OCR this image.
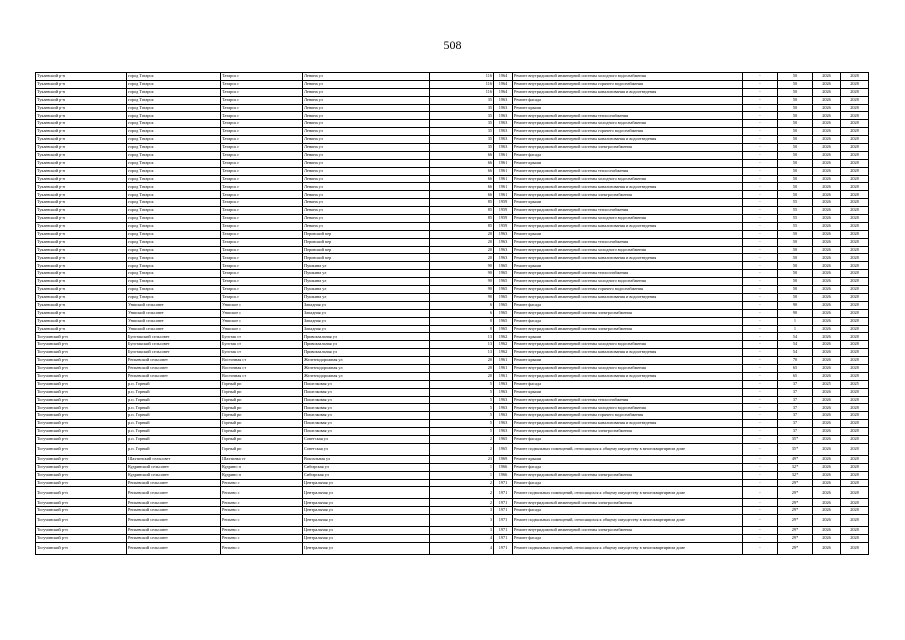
508
Тукаевский р-н	город Татарск	Татарск г	Ленина ул	116	1964	Ремонт внутридомовой инженерной системы холодного водоснабжения	-	50	2026	2028
Тукаевский р-н	город Татарск	Татарск г	Ленина ул	116	1964	Ремонт внутридомовой инженерной системы горячего водоснабжения	-	50	2026	2028
Тукаевский р-н	город Татарск	Татарск г	Ленина ул	116	1964	Ремонт внутридомовой инженерной системы канализования и водоотведения	-	50	2026	2028
Тукаевский р-н	город Татарск	Татарск г	Ленина ул	35	1963	Ремонт фасада	-	50	2026	2028
Тукаевский р-н	город Татарск	Татарск г	Ленина ул	35	1963	Ремонт крыши	-	50	2026	2028
Тукаевский р-н	город Татарск	Татарск г	Ленина ул	35	1963	Ремонт внутридомовой инженерной системы теплоснабжения	-	50	2026	2028
Тукаевский р-н	город Татарск	Татарск г	Ленина ул	35	1963	Ремонт внутридомовой инженерной системы холодного водоснабжения	-	50	2026	2028
Тукаевский р-н	город Татарск	Татарск г	Ленина ул	35	1963	Ремонт внутридомовой инженерной системы горячего водоснабжения	-	50	2026	2028
Тукаевский р-н	город Татарск	Татарск г	Ленина ул	35	1963	Ремонт внутридомовой инженерной системы канализования и водоотведения	-	50	2026	2028
Тукаевский р-н	город Татарск	Татарск г	Ленина ул	35	1963	Ремонт внутридомовой инженерной системы электроснабжения	-	50	2026	2028
Тукаевский р-н	город Татарск	Татарск г	Ленина ул	66	1961	Ремонт фасада	-	50	2026	2028
Тукаевский р-н	город Татарск	Татарск г	Ленина ул	66	1961	Ремонт крыши	-	50	2026	2028
Тукаевский р-н	город Татарск	Татарск г	Ленина ул	66	1961	Ремонт внутридомовой инженерной системы теплоснабжения	-	50	2026	2028
Тукаевский р-н	город Татарск	Татарск г	Ленина ул	66	1961	Ремонт внутридомовой инженерной системы холодного водоснабжения	-	50	2026	2028
Тукаевский р-н	город Татарск	Татарск г	Ленина ул	66	1961	Ремонт внутридомовой инженерной системы канализования и водоотведения	-	50	2026	2028
Тукаевский р-н	город Татарск	Татарск г	Ленина ул	66	1961	Ремонт внутридомовой инженерной системы электроснабжения	-	50	2026	2028
Тукаевский р-н	город Татарск	Татарск г	Ленина ул	85	1959	Ремонт крыши	-	55	2026	2028
Тукаевский р-н	город Татарск	Татарск г	Ленина ул	85	1959	Ремонт внутридомовой инженерной системы теплоснабжения	-	55	2026	2028
Тукаевский р-н	город Татарск	Татарск г	Ленина ул	85	1959	Ремонт внутридомовой инженерной системы холодного водоснабжения	-	55	2026	2028
Тукаевский р-н	город Татарск	Татарск г	Ленина ул	85	1959	Ремонт внутридомовой инженерной системы канализования и водоотведения	-	55	2026	2028
Тукаевский р-н	город Татарск	Татарск г	Перовский пер	20	1963	Ремонт крыши	-	50	2026	2028
Тукаевский р-н	город Татарск	Татарск г	Перовский пер	20	1963	Ремонт внутридомовой инженерной системы теплоснабжения	-	50	2026	2028
Тукаевский р-н	город Татарск	Татарск г	Перовский пер	20	1963	Ремонт внутридомовой инженерной системы холодного водоснабжения	-	50	2026	2028
Тукаевский р-н	город Татарск	Татарск г	Перовский пер	20	1963	Ремонт внутридомовой инженерной системы канализования и водоотведения	-	50	2026	2028
Тукаевский р-н	город Татарск	Татарск г	Пушкина ул	90	1965	Ремонт крыши	-	50	2026	2028
Тукаевский р-н	город Татарск	Татарск г	Пушкина ул	90	1965	Ремонт внутридомовой инженерной системы теплоснабжения	-	50	2026	2028
Тукаевский р-н	город Татарск	Татарск г	Пушкина ул	90	1965	Ремонт внутридомовой инженерной системы холодного водоснабжения	-	50	2026	2028
Тукаевский р-н	город Татарск	Татарск г	Пушкина ул	90	1965	Ремонт внутридомовой инженерной системы горячего водоснабжения	-	50	2026	2028
Тукаевский р-н	город Татарск	Татарск г	Пушкина ул	90	1965	Ремонт внутридомовой инженерной системы канализования и водоотведения	-	50	2026	2028
Тукаевский р-н	Уншский сельсовет	Уншское с	Западная ул	6	1965	Ремонт фасада	-	90	2026	2028
Тукаевский р-н	Уншский сельсовет	Уншское с	Западная ул	6	1965	Ремонт внутридомовой инженерной системы электроснабжения	-	90	2026	2028
Тукаевский р-н	Уншский сельсовет	Уншское с	Западная ул	8	1965	Ремонт фасада	-	1	2026	2028
Тукаевский р-н	Уншский сельсовет	Уншское с	Западная ул	8	1965	Ремонт внутридомовой инженерной системы электроснабжения	-	1	2026	2028
Тогучинский р-н	Буготакский сельсовет	Буготак ст	Привокзальная ул	13	1962	Ремонт крыши	-	54	2026	2028
Тогучинский р-н	Буготакский сельсовет	Буготак ст	Привокзальная ул	13	1962	Ремонт внутридомовой инженерной системы холодного водоснабжения	-	54	2026	2028
Тогучинский р-н	Буготакский сельсовет	Буготак ст	Привокзальная ул	13	1962	Ремонт внутридомовой инженерной системы канализования и водоотведения	-	54	2026	2028
Тогучинский р-н	Репьевский сельсовет	Восточная ст	Железнодорожная ул	20	1961	Ремонт крыши	-	70	2026	2028
Тогучинский р-н	Репьевский сельсовет	Восточная ст	Железнодорожная ул	20	1961	Ремонт внутридомовой инженерной системы холодного водоснабжения	-	65	2026	2028
Тогучинский р-н	Репьевский сельсовет	Восточная ст	Железнодорожная ул	20	1961	Ремонт внутридомовой инженерной системы канализования и водоотведения	-	65	2026	2028
Тогучинский р-н	р.п. Горный	Горный рп	Пошелковая ул	5	1963	Ремонт фасада	-	37	2025	2025
Тогучинский р-н	р.п. Горный	Горный рп	Пошелковая ул	5	1963	Ремонт крыши	-	37	2026	2028
Тогучинский р-н	р.п. Горный	Горный рп	Пошелковая ул	5	1963	Ремонт внутридомовой инженерной системы теплоснабжения	-	37	2026	2028
Тогучинский р-н	р.п. Горный	Горный рп	Пошелковая ул	5	1963	Ремонт внутридомовой инженерной системы холодного водоснабжения	-	37	2026	2028
Тогучинский р-н	р.п. Горный	Горный рп	Пошелковая ул	5	1963	Ремонт внутридомовой инженерной системы горячего водоснабжения	-	37	2026	2028
Тогучинский р-н	р.п. Горный	Горный рп	Пошелковая ул	5	1963	Ремонт внутридомовой инженерной системы канализования и водоотведения	-	37	2026	2028
Тогучинский р-н	р.п. Горный	Горный рп	Пошелковая ул	5	1963	Ремонт внутридомовой инженерной системы электроснабжения	-	37	2026	2028
Тогучинский р-н	р.п. Горный	Горный рп	Советская ул	2	1965	Ремонт фасада	-	35*	2026	2028
Тогучинский р-н	р.п. Горный	Горный рп	Советская ул	2	1965	Ремонт подвальных помещений, относящихся к общему имуществу в многоквартирном доме	-	35*	2026	2028
Тогучинский р-н	Шахтинский сельсовет	Шахтинка ст	Вокзальная ул	23	1969	Ремонт крыши	-	49*	2026	2028
Тогучинский р-н	Кудринский сельсовет	Кудрино п	Сибирская ул	1	1966	Ремонт фасада	-	32*	2026	2028
Тогучинский р-н	Кудринский сельсовет	Кудрино п	Сибирская ул	1	1966	Ремонт внутридомовой инженерной системы электроснабжения	-	32*	2026	2028
Тогучинский р-н	Репьевский сельсовет	Репьево с	Центральная ул	2	1971	Ремонт фасада	-	29*	2026	2028
Тогучинский р-н	Репьевский сельсовет	Репьево с	Центральная ул	2	1971	Ремонт подвальных помещений, относящихся к общему имуществу в многоквартирном доме	-	29*	2026	2028
Тогучинский р-н	Репьевский сельсовет	Репьево с	Центральная ул	2	1971	Ремонт внутридомовой инженерной системы электроснабжения	-	29*	2026	2028
Тогучинский р-н	Репьевский сельсовет	Репьево с	Центральная ул	3	1971	Ремонт фасада	-	29*	2026	2028
Тогучинский р-н	Репьевский сельсовет	Репьево с	Центральная ул	3	1971	Ремонт подвальных помещений, относящихся к общему имуществу в многоквартирном доме	-	29*	2026	2028
Тогучинский р-н	Репьевский сельсовет	Репьево с	Центральная ул	3	1971	Ремонт внутридомовой инженерной системы электроснабжения	-	29*	2026	2028
Тогучинский р-н	Репьевский сельсовет	Репьево с	Центральная ул	4	1971	Ремонт фасада	-	29*	2026	2028
Тогучинский р-н	Репьевский сельсовет	Репьево с	Центральная ул	4	1971	Ремонт подвальных помещений, относящихся к общему имуществу в многоквартирном доме	-	29*	2026	2028
